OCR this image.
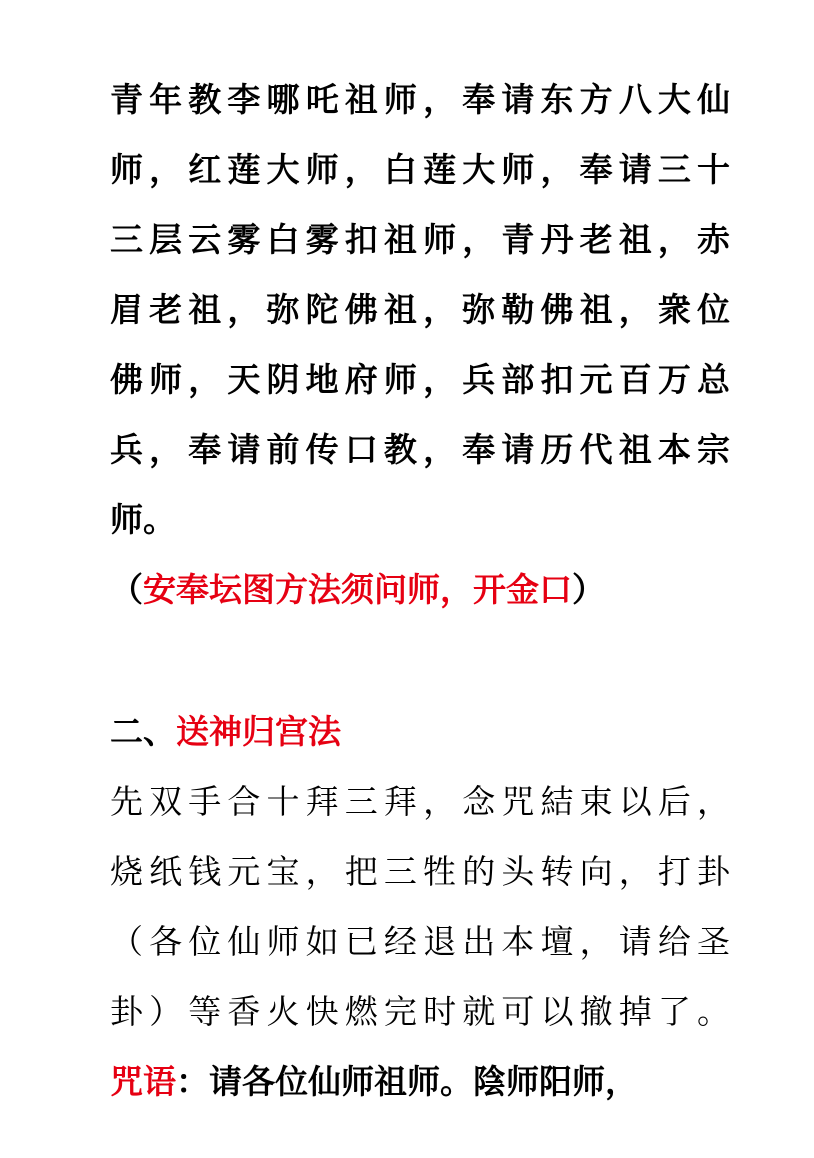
青年教李哪吒祖师，奉请东方八大仙
师，红莲大师，白莲大师，奉请三十
三层云雾白雾扣祖师，青丹老祖，赤
眉老祖，弥陀佛祖，弥勒佛祖，衆位
佛师，天阴地府师，兵部扣元百万总
兵，奉请前传口教，奉请历代祖本宗
师。
（安奉坛图方法须问师，开金口）
二、送神归宫法
先双手合十拜三拜，念咒結束以后，
烧纸钱元宝，把三牲的头转向，打卦
（各位仙师如已经退出本壇，请给圣
卦）等香火快燃完时就可以撤掉了。
咒语：请各位仙师祖师。陰师阳师，
